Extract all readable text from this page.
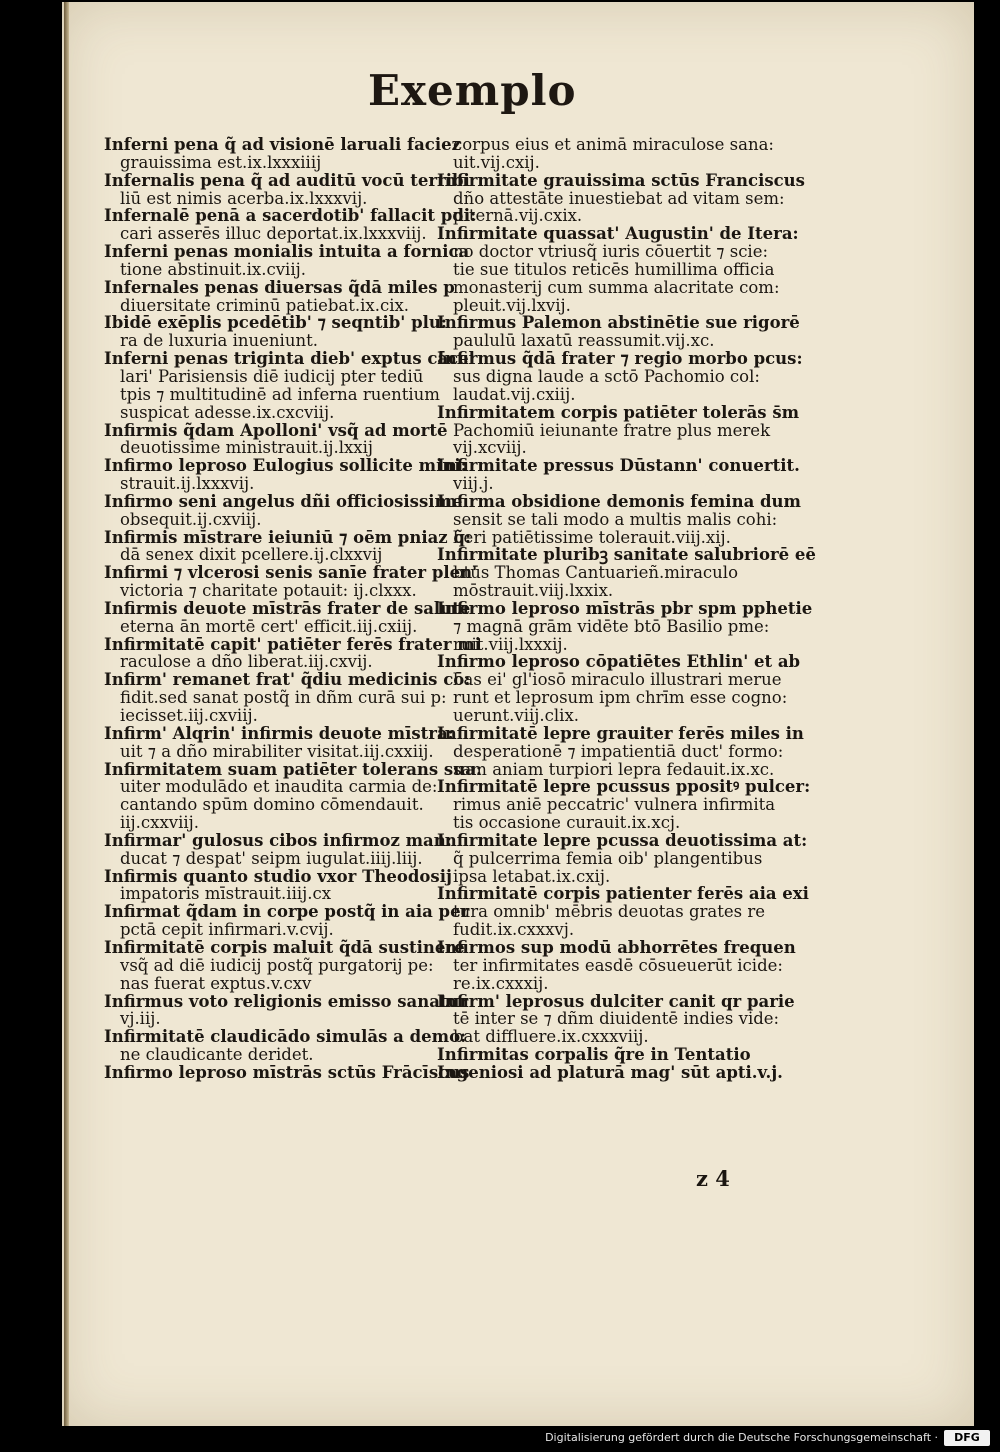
Exemplo
Inferni pena q̃ ad visionē laruali faciez
grauissima est.ix.lxxxiiij
Infernalis pena q̃ ad auditū vocū terribi
liū est nimis acerba.ix.lxxxvij.
Infernalē penā a sacerdotib' fallacit pdi:
cari asserēs illuc deportat.ix.lxxxviij.
Inferni penas monialis intuita a fornica
tione abstinuit.ix.cviij.
Infernales penas diuersas q̃dā miles p
diuersitate criminū patiebat.ix.cix.
Ibidē exēplis pcedētib' ⁊ seqntib' plu:
ra de luxuria inueniunt.
Inferni penas triginta dieb' exptus cācel
lari' Parisiensis diē iudicij pter tediū
tpis ⁊ multitudinē ad inferna ruentium
suspicat adesse.ix.cxcviij.
Infirmis q̃dam Apolloni' vsq̃ ad mortē
deuotissime ministrauit.ij.lxxij
Infirmo leproso Eulogius sollicite mini:
strauit.ij.lxxxvij.
Infirmo seni angelus dñi officiosissime
obsequit.ij.cxviij.
Infirmis mīstrare ieiuniū ⁊ oēm pniaz q̃:
dā senex dixit pcellere.ij.clxxvij
Infirmi ⁊ vlcerosi senis sanīe frater plen'
victoria ⁊ charitate potauit: ij.clxxx.
Infirmis deuote mīstrās frater de salute
eterna ān mortē cert' efficit.iij.cxiij.
Infirmitatē capit' patiēter ferēs frater mi
raculose a dño liberat.iij.cxvij.
Infirm' remanet frat' q̃diu medicinis cō:
fidit.sed sanat postq̃ in dñm curā sui p:
iecisset.iij.cxviij.
Infirm' Alqrin' infirmis deuote mīstra:
uit ⁊ a dño mirabiliter visitat.iij.cxxiij.
Infirmitatem suam patiēter tolerans sua:
uiter modulādo et inaudita carmia de:
cantando spūm domino cōmendauit.
iij.cxxviij.
Infirmar' gulosus cibos infirmoz man:
ducat ⁊ despat' seipm iugulat.iiij.liij.
Infirmis quanto studio vxor Theodosij
impatoris mīstrauit.iiij.cx
Infirmat q̃dam in corpe postq̃ in aia per
pctā cepit infirmari.v.cvij.
Infirmitatē corpis maluit q̃dā sustinere
vsq̃ ad diē iudicij postq̃ purgatorij pe:
nas fuerat exptus.v.cxv
Infirmus voto religionis emisso sanatur
vj.iij.
Infirmitatē claudicādo simulās a demo:
ne claudicante deridet.
Infirmo leproso mīstrās sctūs Frācīscus
corpus eius et animā miraculose sana:
uit.vij.cxij.
Infirmitate grauissima sctūs Franciscus
dño attestāte inuestiebat ad vitam sem:
piternā.vij.cxix.
Infirmitate quassat' Augustin' de Itera:
no doctor vtriusq̃ iuris cōuertit ⁊ scie:
tie sue titulos reticēs humillima officia
monasterij cum summa alacritate com:
pleuit.vij.lxvij.
Infirmus Palemon abstinētie sue rigorē
paululū laxatū reassumit.vij.xc.
Infirmus q̃dā frater ⁊ regio morbo pcus:
sus digna laude a sctō Pachomio col:
laudat.vij.cxiij.
Infirmitatem corpis patiēter tolerās s̄m
Pachomiū ieiunante fratre plus merek
vij.xcviij.
Infirmitate pressus Dūstann' conuertit.
viij.j.
Infirma obsidione demonis femina dum
sensit se tali modo a multis malis cohi:
beri patiētissime tolerauit.viij.xij.
Infirmitate pluribꝫ sanitate salubriorē eē
btūs Thomas Cantuarieñ.miraculo
mōstrauit.viij.lxxix.
Infirmo leproso mīstrās pbr spm pphetie
⁊ magnā grām vidēte btō Basilio pme:
ruit.viij.lxxxij.
Infirmo leproso cōpatiētes Ethlin' et ab
bas ei' gl'iosō miraculo illustrari merue
runt et leprosum ipm chrīm esse cogno:
uerunt.viij.clix.
Infirmitatē lepre grauiter ferēs miles in
desperationē ⁊ impatientiā duct' formo:
sam aniam turpiori lepra fedauit.ix.xc.
Infirmitatē lepre pcussus ppositꝰ pulcer:
rimus aniē peccatric' vulnera infirmita
tis occasione curauit.ix.xcj.
Infirmitate lepre pcussa deuotissima at:
q̃ pulcerrima femia oib' plangentibus
ipsa letabat.ix.cxij.
Infirmitatē corpis patienter ferēs aia exi
tura omnib' mēbris deuotas grates re
fudit.ix.cxxxvj.
Infirmos sup modū abhorrētes frequen
ter infirmitates easdē cōsueuerūt icide:
re.ix.cxxxij.
Infirm' leprosus dulciter canit qr parie
tē inter se ⁊ dñm diuidentē indies vide:
bat diffluere.ix.cxxxviij.
Infirmitas corpalis q̃re in Tentatio
Ingeniosi ad platurā mag' sūt apti.v.j.
z 4
Digitalisierung gefördert durch die Deutsche Forschungsgemeinschaft ·	DFG
